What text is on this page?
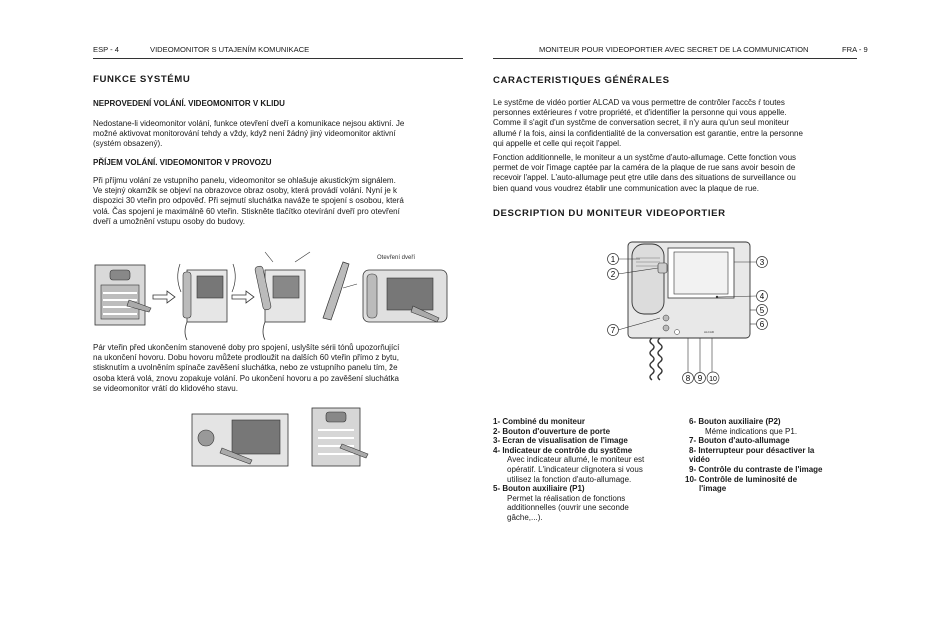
ESP - 4	VIDEOMONITOR S UTAJENÍM KOMUNIKACE
FUNKCE SYSTÉMU
NEPROVEDENÍ VOLÁNÍ. VIDEOMONITOR V KLIDU
Nedostane-li videomonitor volání, funkce otevření dveří a komunikace nejsou aktivní. Je
možné aktivovat monitorování tehdy a vždy, když není žádný jiný videomonitor aktivní
(systém obsazený).
PŘÍJEM VOLÁNÍ. VIDEOMONITOR V PROVOZU
Při příjmu volání ze vstupního panelu, videomonitor se ohlašuje akustickým signálem.
Ve stejný okamžik se objeví na obrazovce obraz osoby, která provádí volání. Nyní je k
dispozici 30 vteřin pro odpověď. Při sejmutí sluchátka naváže te spojení s osobou, která
volá. Čas spojení je maximálně 60 vteřin. Stiskněte tlačítko otevírání dveří pro otevření
dveří a umožnění vstupu osoby do budovy.
Otevření dveří
Pár vteřin před ukončením stanovené doby pro spojení, uslyšíte sérii tónů upozorňující
na ukončení hovoru. Dobu hovoru můžete prodloužit na dalších 60 vteřin přímo z bytu,
stisknutím a uvolněním spínače zavěšení sluchátka, nebo ze vstupního panelu tím, že
osoba která volá, znovu zopakuje volání. Po ukončení hovoru a po zavěšení sluchátka
se videomonitor vrátí do klidového stavu.
MONITEUR POUR VIDEOPORTIER AVEC SECRET DE LA COMMUNICATION	FRA - 9
CARACTERISTIQUES GÉNÉRALES
Le systčme de vidéo portier ALCAD va vous permettre de contrôler l'accčs ŕ toutes
personnes extérieures ŕ votre propriété, et d'identifier la personne qui vous appelle.
Comme il s'agit d'un systčme de conversation secret, il n'y aura qu'un seul moniteur
allumé ŕ la fois, ainsi la confidentialité de la conversation est garantie, entre la personne
qui appelle et celle qui reçoit l'appel.
Fonction additionnelle, le moniteur a un systčme d'auto-allumage. Cette fonction vous
permet de voir l'image captée par la caméra de la plaque de rue sans avoir besoin de
recevoir l'appel. L'auto-allumage peut ętre utile dans des situations de surveillance ou
bien quand vous voudrez établir une communication avec la plaque de rue.
DESCRIPTION DU MONITEUR VIDEOPORTIER
ALCAD
1
2
3
4
5
6
7
8 9 10
1- Combiné du moniteur
2- Bouton d'ouverture de porte
3- Ecran de visualisation de l'image
4- Indicateur de contrôle du systčme
Avec indicateur allumé, le moniteur est
opératif. L'indicateur clignotera si vous
utilisez la fonction d'auto-allumage.
5- Bouton auxiliaire (P1)
Permet la réalisation de fonctions
additionnelles (ouvrir une seconde
gâche,...).
6- Bouton auxiliaire (P2)
Méme indications que P1.
7- Bouton d'auto-allumage
8- Interrupteur pour désactiver la
vidéo
9- Contrôle du contraste de l'image
10- Contrôle de luminosité de
l'image
